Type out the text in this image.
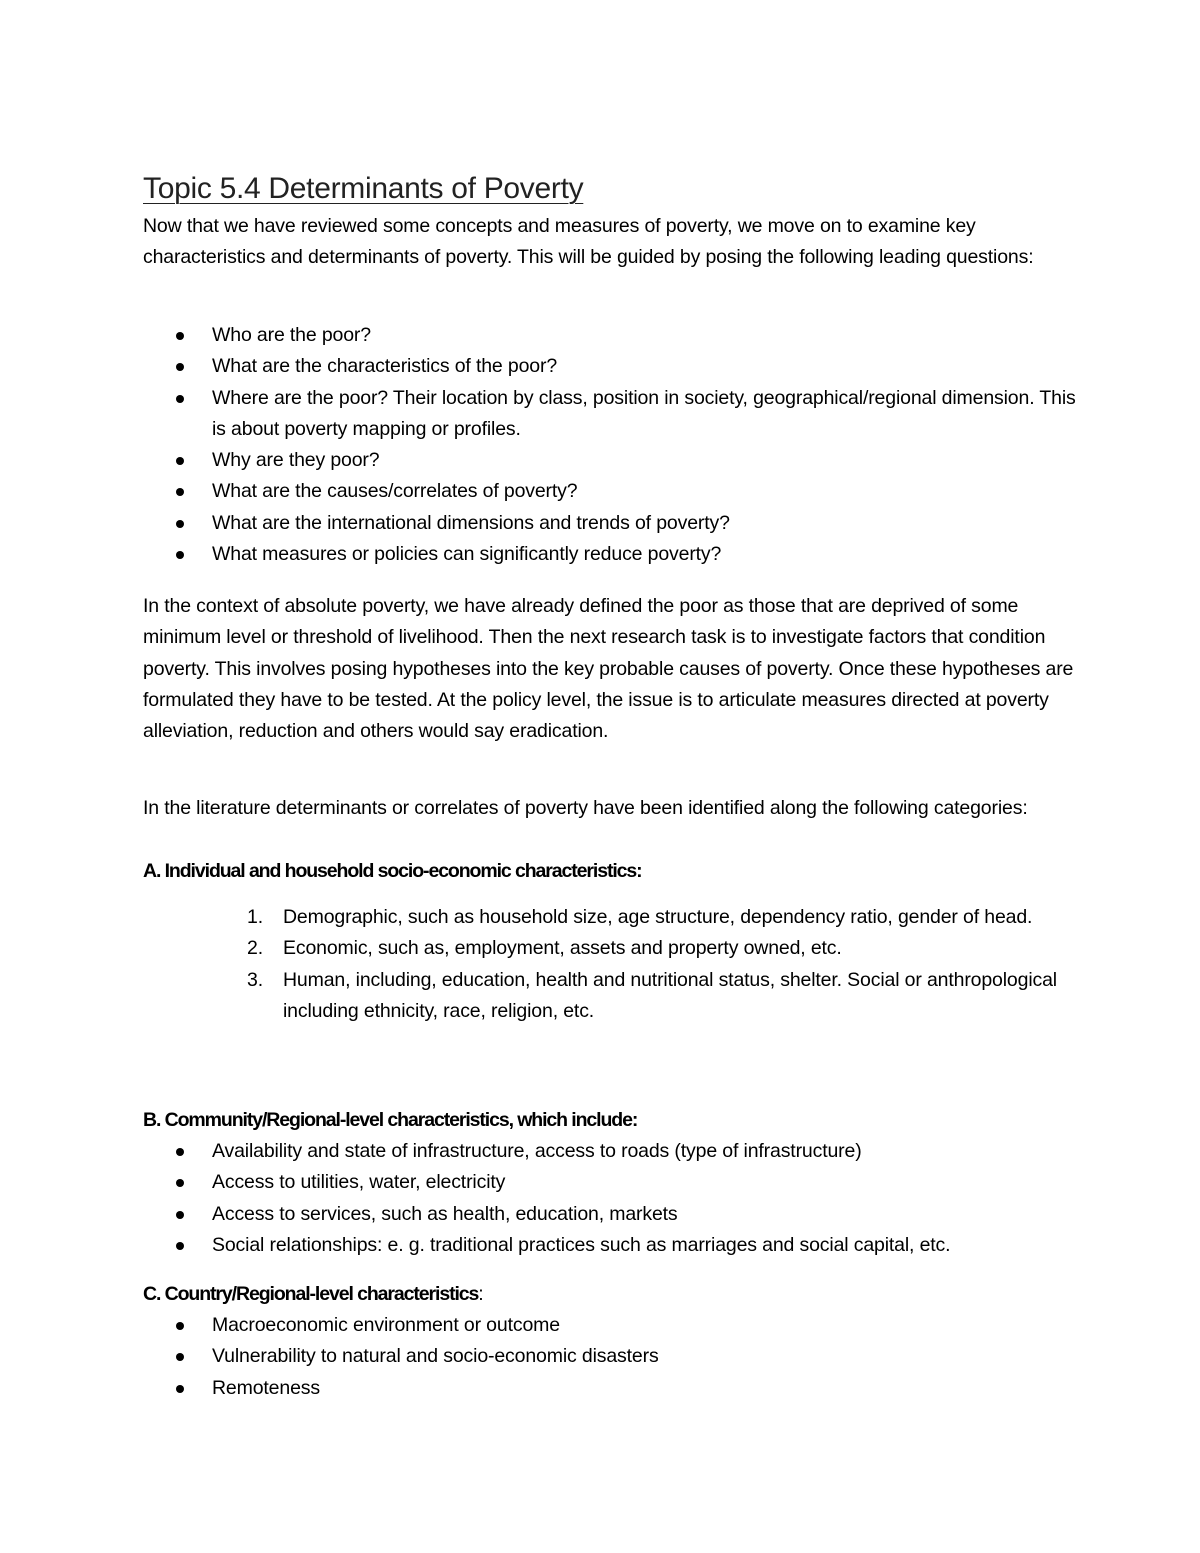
Topic 5.4 Determinants of Poverty

Now that we have reviewed some concepts and measures of poverty, we move on to examine key characteristics and determinants of poverty. This will be guided by posing the following leading questions:

Who are the poor?
What are the characteristics of the poor?
Where are the poor? Their location by class, position in society, geographical/regional dimension. This is about poverty mapping or profiles.
Why are they poor?
What are the causes/correlates of poverty?
What are the international dimensions and trends of poverty?
What measures or policies can significantly reduce poverty?

In the context of absolute poverty, we have already defined the poor as those that are deprived of some minimum level or threshold of livelihood. Then the next research task is to investigate factors that condition poverty. This involves posing hypotheses into the key probable causes of poverty. Once these hypotheses are formulated they have to be tested. At the policy level, the issue is to articulate measures directed at poverty alleviation, reduction and others would say eradication.

In the literature determinants or correlates of poverty have been identified along the following categories:

A. Individual and household socio-economic characteristics:

1. Demographic, such as household size, age structure, dependency ratio, gender of head.
2. Economic, such as, employment, assets and property owned, etc.
3. Human, including, education, health and nutritional status, shelter. Social or anthropological including ethnicity, race, religion, etc.

B. Community/Regional-level characteristics, which include:

Availability and state of infrastructure, access to roads (type of infrastructure)
Access to utilities, water, electricity
Access to services, such as health, education, markets
Social relationships: e. g. traditional practices such as marriages and social capital, etc.

C. Country/Regional-level characteristics:

Macroeconomic environment or outcome
Vulnerability to natural and socio-economic disasters
Remoteness
